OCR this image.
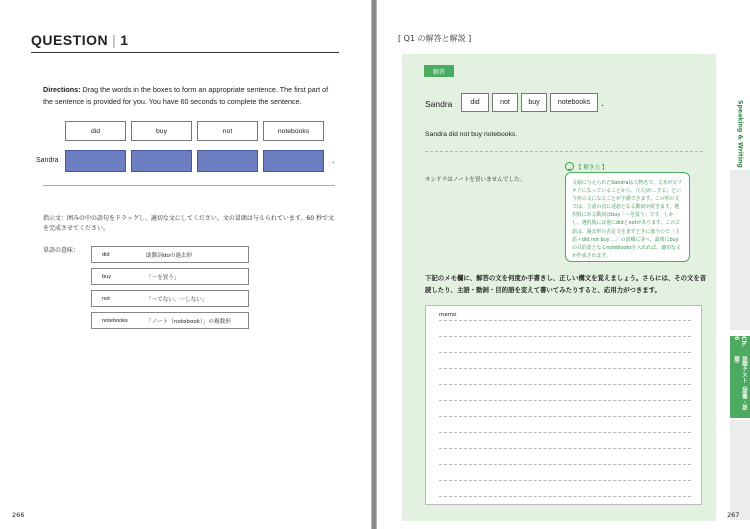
QUESTION | 1
Directions: Drag the words in the boxes to form an appropriate sentence. The first part of the sentence is provided for you. You have 60 seconds to complete the sentence.
did	buy	not	notebooks
Sandra	.
指示文：囲みの中の語句をドラッグし、適切な文にしてください。文の冒頭は与えられています。60 秒で文を完成させてください。
単語の意味：
did	助動詞doの過去形
buy	「～を買う」
not	「～でない、～しない」
notebooks	「ノート（notebook）」の複数形
266
[ Q1 の解答と解説 ]
解答
Sandra	did	not	buy	notebooks	.
Sandra did not buy notebooks.
サンドラはノートを買いませんでした。
【 解き方 】
文頭に与えられたSandraは人物名で、文末がピリオドになっていることから、「(人)が…する」という形の文になることが予測できます。この形の文では、主語の次に述語となる動詞が続きます。選択肢にある動詞はbuy「～を買う」です。しかし、選択肢には他にdidとnotがあります。この２語は、過去形の否定文を表すときに使うので（主語＋did not buy ...）の語順に並べ、最後にbuyの目的語となるnotebooksを入れれば、適切な文が作成されます。
下記のメモ欄に、解答の文を何度か手書きし、正しい構文を覚えましょう。さらには、その文を音読したり、主語・動詞・目的語を変えて書いてみたりすると、応用力がつきます。
memo
Speaking & Writing
Ch. 6
語順テスト（語彙・語順）
267
